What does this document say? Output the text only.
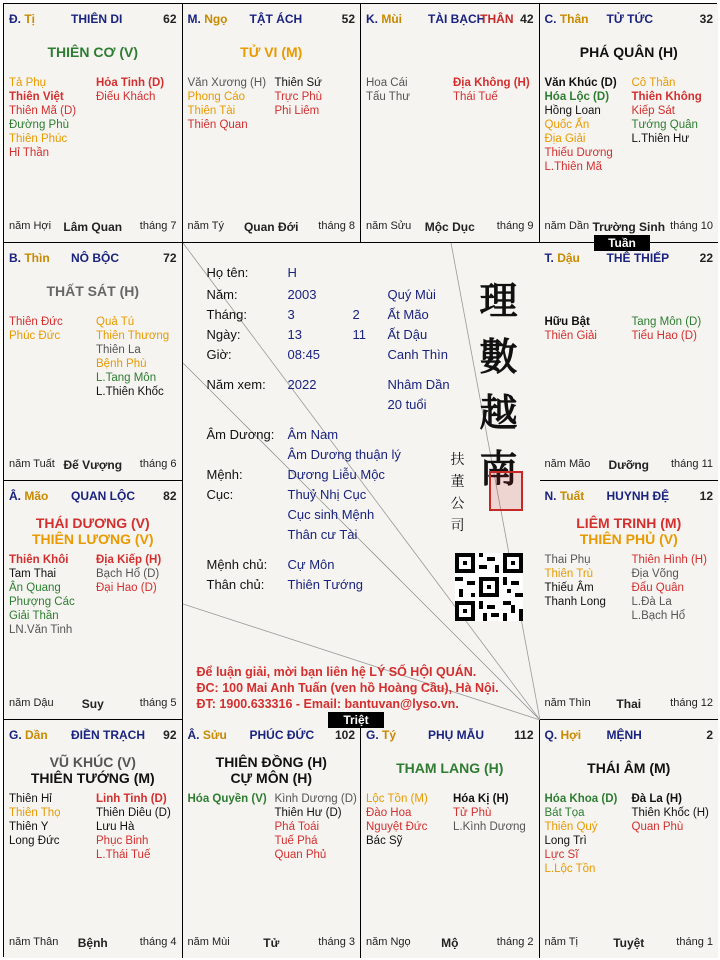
Đ. Tị	THIÊN DI	62
THIÊN CƠ (V)
Tả Phụ
Thiên Việt
Thiên Mã (D)
Đường Phù
Thiên Phúc
Hỉ Thần
Hỏa Tinh (D)
Điếu Khách
năm Hợi	Lâm Quan	tháng 7
M. Ngọ TẬT ÁCH	52
TỬ VI (M)
Văn Xương (H)
Phong Cáo
Thiên Tài
Thiên Quan
Thiên Sứ
Trực Phù
Phi Liêm
năm Tý	Quan Đới	tháng 8
K. Mùi TÀI BẠCH
THÂN 42
Hoa Cái
Tấu Thư
Địa Không (H)
Thái Tuế
năm Sửu	Mộc Dục	tháng 9
C. Thân TỬ TỨC	32
PHÁ QUÂN (H)
Văn Khúc (D)
Hóa Lộc (D)
Hồng Loan
Quốc Ấn
Địa Giải
Thiếu Dương
L.Thiên Mã
Cô Thần
Thiên Không
Kiếp Sát
Tướng Quân
L.Thiên Hư
năm Dần Trường Sinh tháng 10
B. Thìn NÔ BỘC	72
THẤT SÁT (H)
Thiên Đức
Phúc Đức
Quả Tú
Thiên Thương
Thiên La
Bệnh Phù
L.Tang Môn
L.Thiên Khốc
năm Tuất Đế Vượng	tháng 6
T. Dậu THÊ THIẾP	22
Hữu Bật
Thiên Giải
Tang Môn (D)
Tiểu Hao (D)
năm Mão	Dưỡng	tháng 11
Â. Mão QUAN LỘC 82
THÁI DƯƠNG (V)
THIÊN LƯƠNG (V)
Thiên Khôi
Tam Thai
Ân Quang
Phượng Các
Giải Thần
LN.Văn Tinh
Địa Kiếp (H)
Bạch Hổ (D)
Đại Hao (D)
năm Dậu	Suy	tháng 5
N. Tuất HUYNH ĐỆ	12
LIÊM TRINH (M)
THIÊN PHỦ (V)
Thai Phụ
Thiên Trù
Thiếu Âm
Thanh Long
Thiên Hình (H)
Địa Võng
Đẩu Quân
L.Đà La
L.Bạch Hổ
năm Thìn	Thai	tháng 12
G. Dần ĐIỀN TRẠCH 92
VŨ KHÚC (V)
THIÊN TƯỚNG (M)
Thiên Hỉ
Thiên Thọ
Thiên Y
Long Đức
Linh Tinh (D)
Thiên Diêu (D)
Lưu Hà
Phục Binh
L.Thái Tuế
năm Thân	Bệnh	tháng 4
Â. Sửu PHÚC ĐỨC 102
THIÊN ĐỒNG (H)
CỰ MÔN (H)
Hóa Quyền (V) Kình Dương (D)
Thiên Hư (D)
Phá Toái
Tuế Phá
Quan Phủ
năm Mùi	Tử	tháng 3
G. Tý	PHỤ MẪU	112
THAM LANG (H)
Lộc Tồn (M)
Đào Hoa
Nguyệt Đức
Bác Sỹ
Hóa Kị (H)
Tử Phù
L.Kình Dương
năm Ngọ	Mộ	tháng 2
Q. Hợi MỆNH	2
THÁI ÂM (M)
Hóa Khoa (D)
Bát Tọa
Thiên Quý
Long Trì
Lực Sĩ
L.Lộc Tồn
Đà La (H)
Thiên Khốc (H)
Quan Phù
năm Tị	Tuyệt	tháng 1
Họ tên:	H
Năm:	2003	Quý Mùi
Tháng:	3	2 Ất Mão
Ngày:	13	11 Ất Dậu
Giờ:	08:45	Canh Thìn
Năm xem: 2022	Nhâm Dần
20 tuổi
Âm Dương: Âm Nam
Âm Dương thuận lý
Mệnh:	Dương Liễu Mộc
Cục:	Thuỷ Nhị Cục
Cục sinh Mệnh
Thân cư Tài
Mệnh chủ: Cự Môn
Thân chủ: Thiên Tướng
理
數
越
南
扶
董
公
司
Để luận giải, mời bạn liên hệ LÝ SỐ HỘI QUÁN.
ĐC: 100 Mai Anh Tuấn (ven hồ Hoàng Cầu), Hà Nội.
ĐT: 1900.633316 - Email: bantuvan@lyso.vn.
Tuần
Triệt
